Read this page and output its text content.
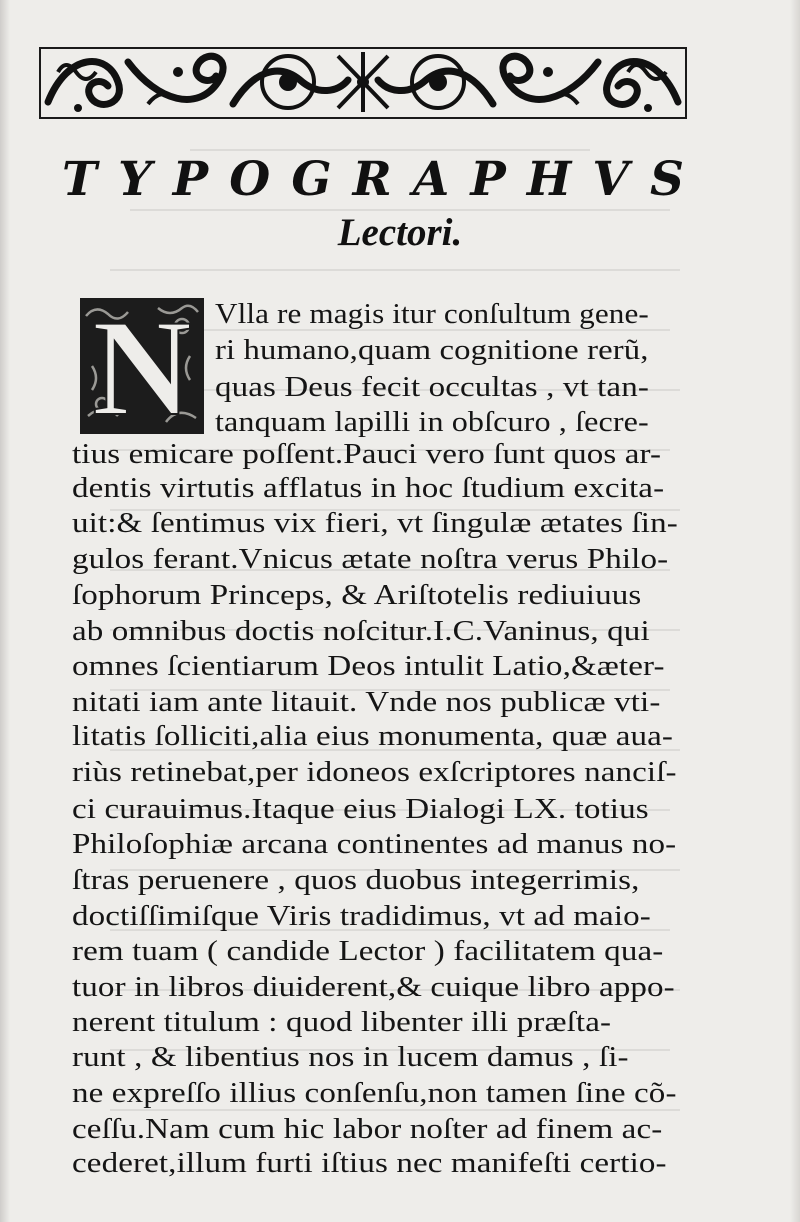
T Y P O G R A P H V S
Lectori.
N Vlla re magis itur conſultum gene-
ri humano,quam cognitione rerũ,
quas Deus fecit occultas , vt tan-
tanquam lapilli in obſcuro , ſecre-
tius emicare poſſent.Pauci vero ſunt quos ar-
dentis virtutis afflatus in hoc ſtudium excita-
uit:& ſentimus vix fieri, vt ſingulæ ætates ſin-
gulos ferant.Vnicus ætate noſtra verus Philo-
ſophorum Princeps, & Ariſtotelis rediuiuus
ab omnibus doctis noſcitur.I.C.Vaninus, qui
omnes ſcientiarum Deos intulit Latio,&æter-
nitati iam ante litauit. Vnde nos publicæ vti-
litatis ſolliciti,alia eius monumenta, quæ aua-
riùs retinebat,per idoneos exſcriptores nanciſ-
ci curauimus.Itaque eius Dialogi LX. totius
Philoſophiæ arcana continentes ad manus no-
ſtras peruenere , quos duobus integerrimis,
doctiſſimiſque Viris tradidimus, vt ad maio-
rem tuam ( candide Lector ) facilitatem qua-
tuor in libros diuiderent,& cuique libro appo-
nerent titulum : quod libenter illi præſta-
runt , & libentius nos in lucem damus , ſi-
ne expreſſo illius conſenſu,non tamen ſine cõ-
ceſſu.Nam cum hic labor noſter ad finem ac-
cederet,illum furti iſtius nec manifeſti certio-
